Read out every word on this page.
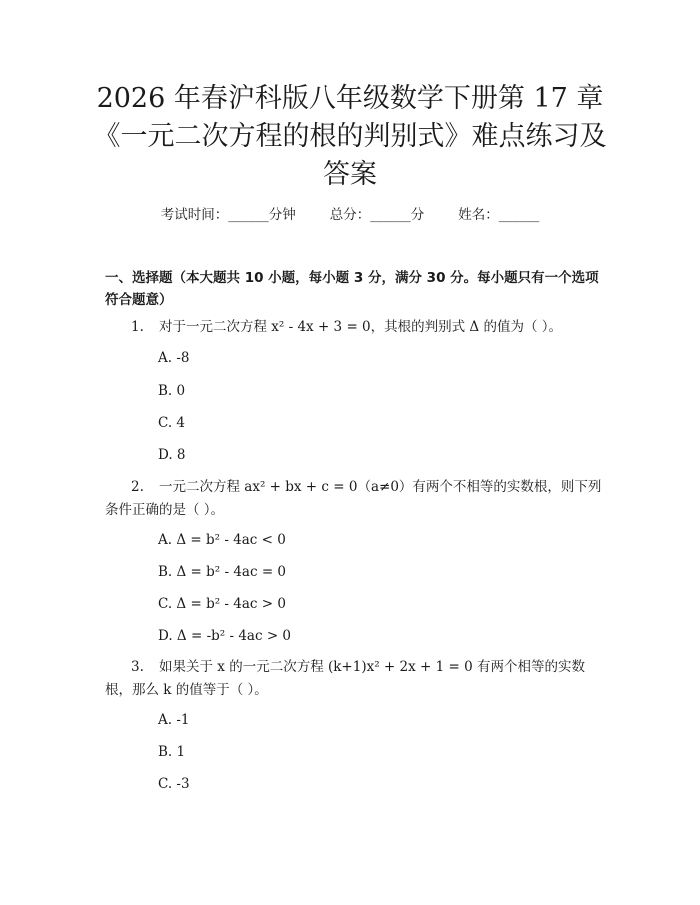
2026 年春沪科版八年级数学下册第 17 章
《一元二次方程的根的判别式》难点练习及
答案
考试时间：______分钟	总分：______分	姓名：______
一、选择题（本大题共 10 小题，每小题 3 分，满分 30 分。每小题只有一个选项符合题意）

1. 对于一元二次方程 x² - 4x + 3 = 0，其根的判别式 Δ 的值为（ ）。

A. -8

B. 0

C. 4

D. 8

2. 一元二次方程 ax² + bx + c = 0（a≠0）有两个不相等的实数根，则下列条件正确的是（ ）。

A. Δ = b² - 4ac < 0

B. Δ = b² - 4ac = 0

C. Δ = b² - 4ac > 0

D. Δ = -b² - 4ac > 0

3. 如果关于 x 的一元二次方程 (k+1)x² + 2x + 1 = 0 有两个相等的实数根，那么 k 的值等于（ ）。

A. -1

B. 1

C. -3
